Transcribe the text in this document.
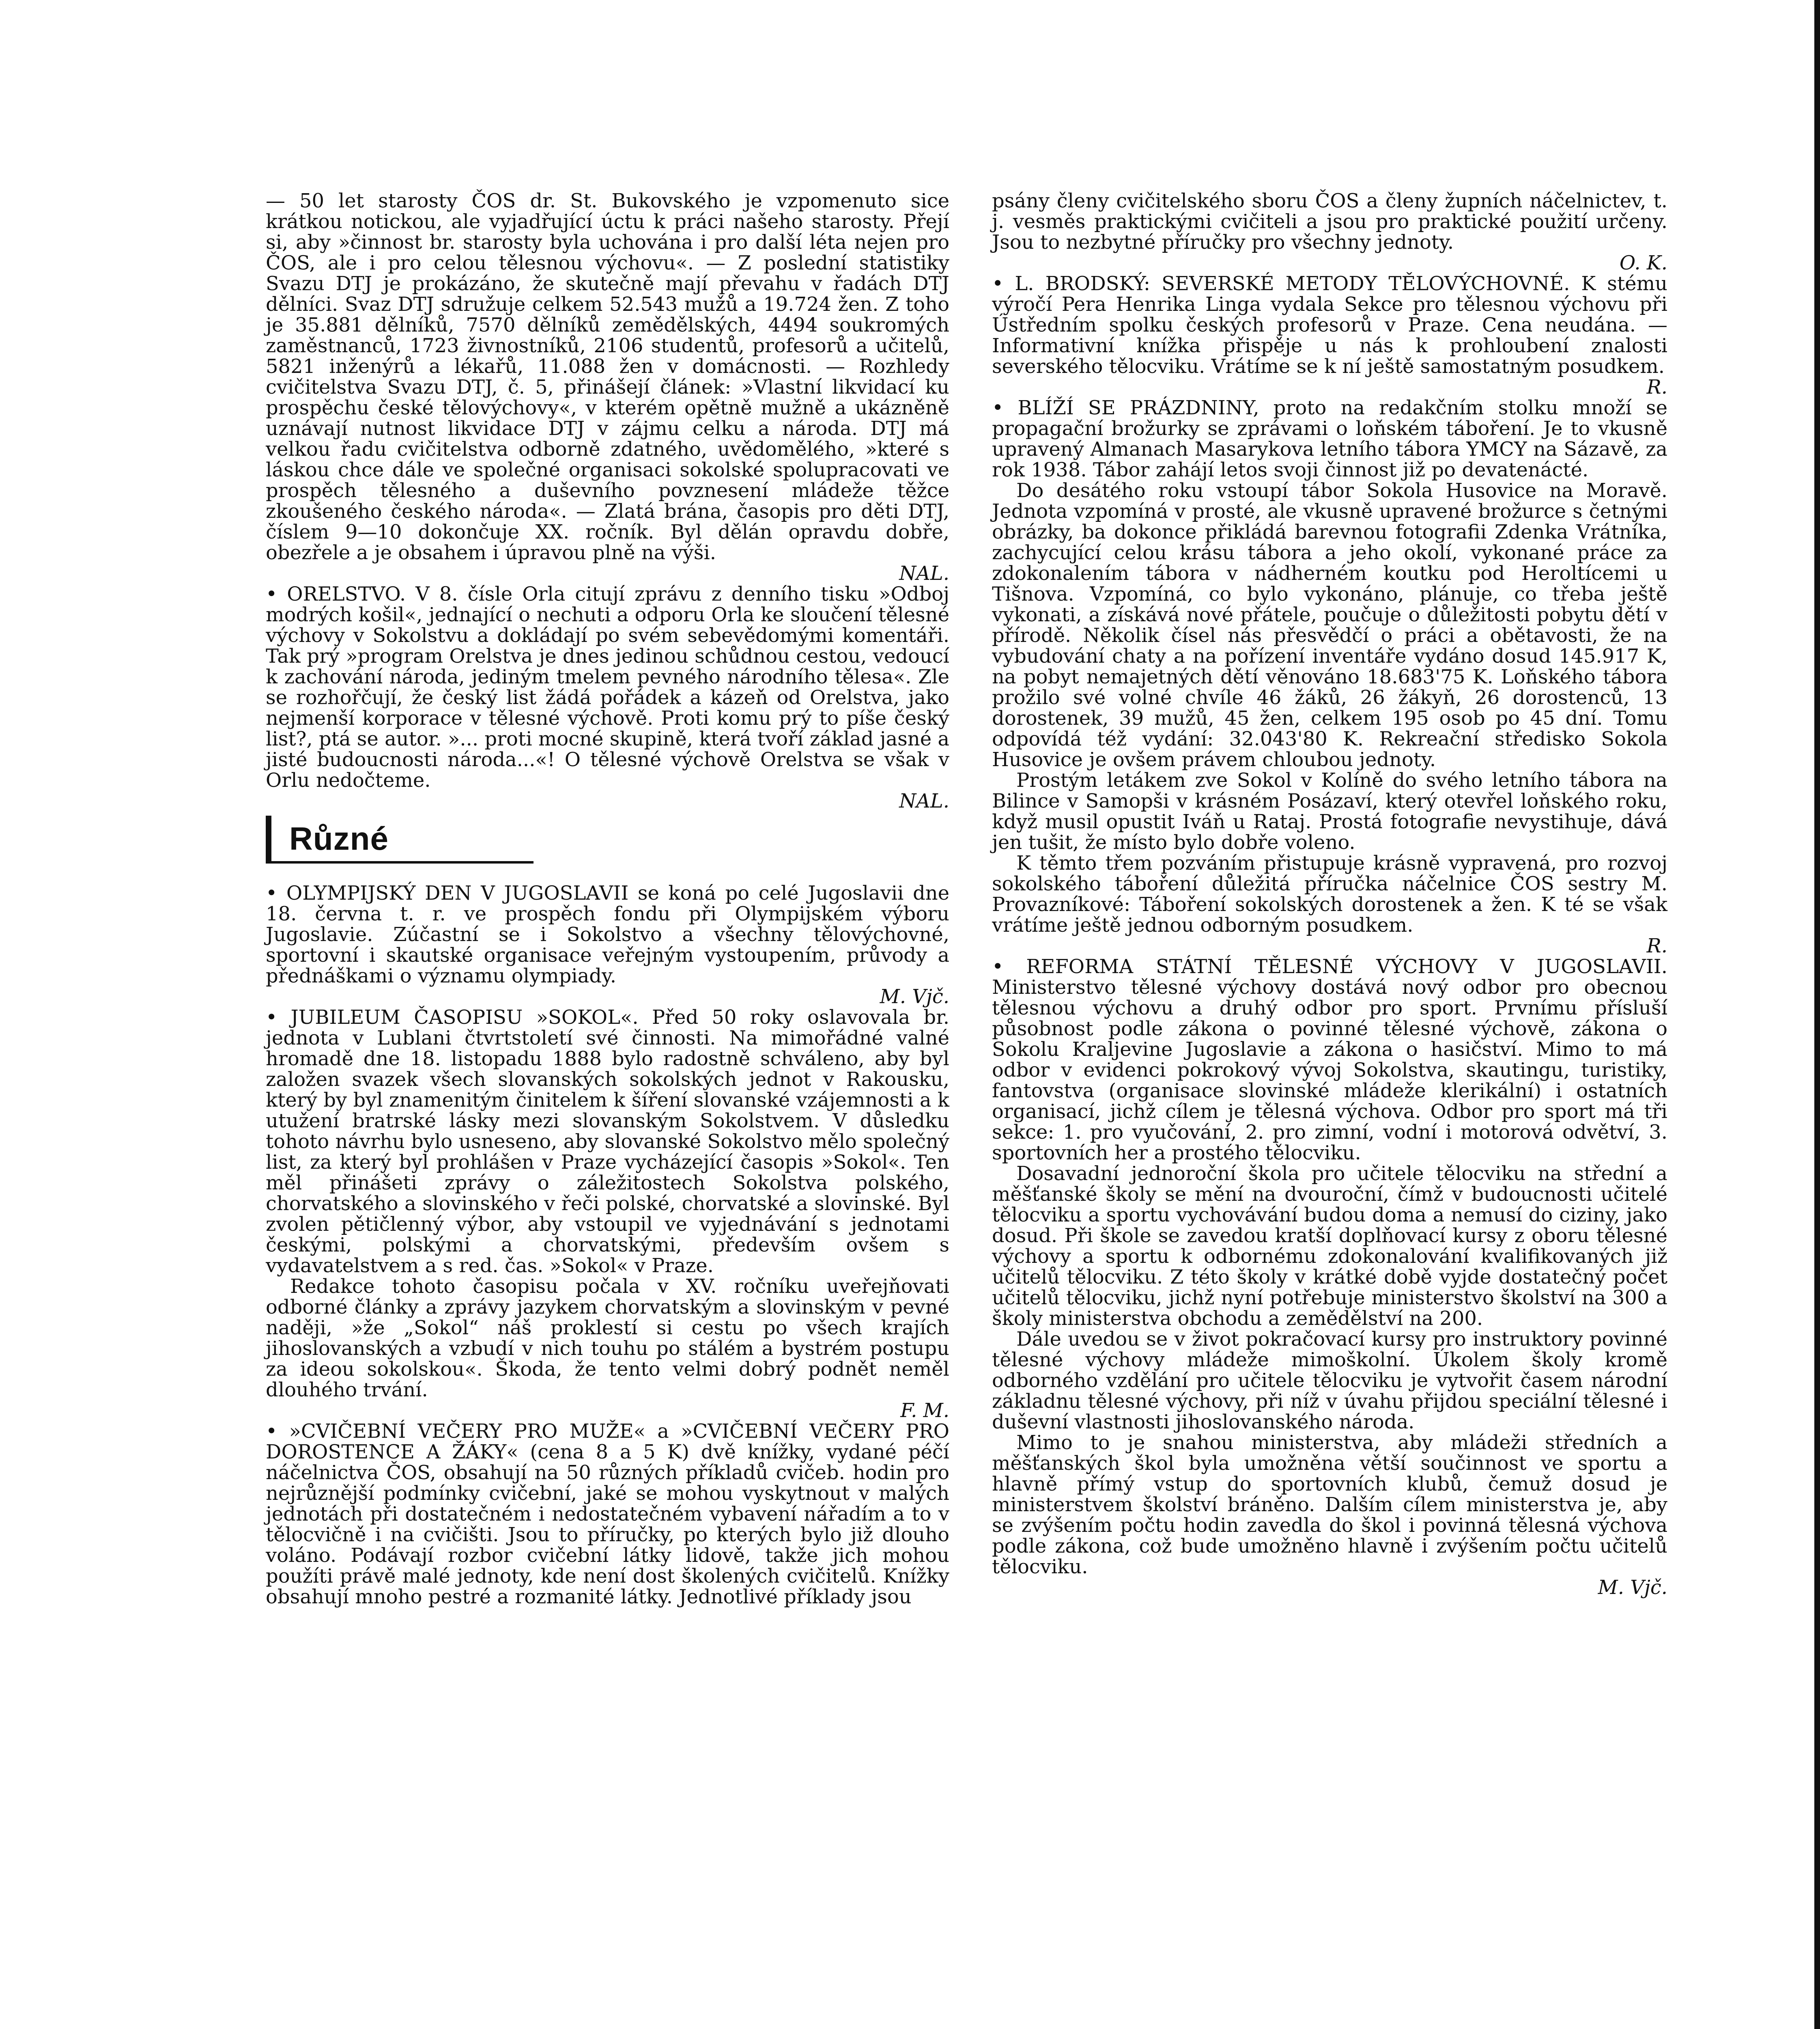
— 50 let starosty ČOS dr. St. Bukovského je vzpomenuto sice krátkou notickou, ale vyjadřující úctu k práci našeho starosty. Přejí si, aby »činnost br. starosty byla uchována i pro další léta nejen pro ČOS, ale i pro celou tělesnou výchovu«. — Z poslední statistiky Svazu DTJ je prokázáno, že skutečně mají převahu v řadách DTJ dělníci. Svaz DTJ sdružuje celkem 52.543 mužů a 19.724 žen. Z toho je 35.881 dělníků, 7570 dělníků zemědělských, 4494 soukromých zaměstnanců, 1723 živnostníků, 2106 studentů, profesorů a učitelů, 5821 inženýrů a lékařů, 11.088 žen v domácnosti. — Rozhledy cvičitelstva Svazu DTJ, č. 5, přinášejí článek: »Vlastní likvidací ku prospěchu české tělovýchovy«, v kterém opětně mužně a ukázněně uznávají nutnost likvidace DTJ v zájmu celku a národa. DTJ má velkou řadu cvičitelstva odborně zdatného, uvědomělého, »které s láskou chce dále ve společné organisaci sokolské spolupracovati ve prospěch tělesného a duševního povznesení mládeže těžce zkoušeného českého národa«. — Zlatá brána, časopis pro děti DTJ, číslem 9—10 dokončuje XX. ročník. Byl dělán opravdu dobře, obezřele a je obsahem i úpravou plně na výši.
NAL.

• ORELSTVO. V 8. čísle Orla citují zprávu z denního tisku »Odboj modrých košil«, jednající o nechuti a odporu Orla ke sloučení tělesné výchovy v Sokolstvu a dokládají po svém sebevědomými komentáři. Tak prý »program Orelstva je dnes jedinou schůdnou cestou, vedoucí k zachování národa, jediným tmelem pevného národního tělesa«. Zle se rozhořčují, že český list žádá pořádek a kázeň od Orelstva, jako nejmenší korporace v tělesné výchově. Proti komu prý to píše český list?, ptá se autor. »... proti mocné skupině, která tvoří základ jasné a jisté budoucnosti národa...«! O tělesné výchově Orelstva se však v Orlu nedočteme.
NAL.

Různé

• OLYMPIJSKÝ DEN V JUGOSLAVII se koná po celé Jugoslavii dne 18. června t. r. ve prospěch fondu při Olympijském výboru Jugoslavie. Zúčastní se i Sokolstvo a všechny tělovýchovné, sportovní i skautské organisace veřejným vystoupením, průvody a přednáškami o významu olympiady.
M. Vjč.

• JUBILEUM ČASOPISU »SOKOL«. Před 50 roky oslavovala br. jednota v Lublani čtvrtstoletí své činnosti. Na mimořádné valné hromadě dne 18. listopadu 1888 bylo radostně schváleno, aby byl založen svazek všech slovanských sokolských jednot v Rakousku, který by byl znamenitým činitelem k šíření slovanské vzájemnosti a k utužení bratrské lásky mezi slovanským Sokolstvem. V důsledku tohoto návrhu bylo usneseno, aby slovanské Sokolstvo mělo společný list, za který byl prohlášen v Praze vycházející časopis »Sokol«. Ten měl přinášeti zprávy o záležitostech Sokolstva polského, chorvatského a slovinského v řeči polské, chorvatské a slovinské. Byl zvolen pětičlenný výbor, aby vstoupil ve vyjednávání s jednotami českými, polskými a chorvatskými, především ovšem s vydavatelstvem a s red. čas. »Sokol« v Praze.

Redakce tohoto časopisu počala v XV. ročníku uveřejňovati odborné články a zprávy jazykem chorvatským a slovinským v pevné naději, »že „Sokol“ náš proklestí si cestu po všech krajích jihoslovanských a vzbudí v nich touhu po stálém a bystrém postupu za ideou sokolskou«. Škoda, že tento velmi dobrý podnět neměl dlouhého trvání.
F. M.

• »CVIČEBNÍ VEČERY PRO MUŽE« a »CVIČEBNÍ VEČERY PRO DOROSTENCE A ŽÁKY« (cena 8 a 5 K) dvě knížky, vydané péčí náčelnictva ČOS, obsahují na 50 různých příkladů cvičeb. hodin pro nejrůznější podmínky cvičební, jaké se mohou vyskytnout v malých jednotách při dostatečném i nedostatečném vybavení nářadím a to v tělocvičně i na cvičišti. Jsou to příručky, po kterých bylo již dlouho voláno. Podávají rozbor cvičební látky lidově, takže jich mohou použíti právě malé jednoty, kde není dost školených cvičitelů. Knížky obsahují mnoho pestré a rozmanité látky. Jednotlivé příklady jsou

psány členy cvičitelského sboru ČOS a členy župních náčelnictev, t. j. vesměs praktickými cvičiteli a jsou pro praktické použití určeny. Jsou to nezbytné příručky pro všechny jednoty.
O. K.

• L. BRODSKÝ: SEVERSKÉ METODY TĚLOVÝCHOVNÉ. K stému výročí Pera Henrika Linga vydala Sekce pro tělesnou výchovu při Ústředním spolku českých profesorů v Praze. Cena neudána. — Informativní knížka přispěje u nás k prohloubení znalosti severského tělocviku. Vrátíme se k ní ještě samostatným posudkem.
R.

• BLÍŽÍ SE PRÁZDNINY, proto na redakčním stolku množí se propagační brožurky se zprávami o loňském táboření. Je to vkusně upravený Almanach Masarykova letního tábora YMCY na Sázavě, za rok 1938. Tábor zahájí letos svoji činnost již po devatenácté.

Do desátého roku vstoupí tábor Sokola Husovice na Moravě. Jednota vzpomíná v prosté, ale vkusně upravené brožurce s četnými obrázky, ba dokonce přikládá barevnou fotografii Zdenka Vrátníka, zachycující celou krásu tábora a jeho okolí, vykonané práce za zdokonalením tábora v nádherném koutku pod Heroltícemi u Tišnova. Vzpomíná, co bylo vykonáno, plánuje, co třeba ještě vykonati, a získává nové přátele, poučuje o důležitosti pobytu dětí v přírodě. Několik čísel nás přesvědčí o práci a obětavosti, že na vybudování chaty a na pořízení inventáře vydáno dosud 145.917 K, na pobyt nemajetných dětí věnováno 18.683'75 K. Loňského tábora prožilo své volné chvíle 46 žáků, 26 žákyň, 26 dorostenců, 13 dorostenek, 39 mužů, 45 žen, celkem 195 osob po 45 dní. Tomu odpovídá též vydání: 32.043'80 K. Rekreační středisko Sokola Husovice je ovšem právem chloubou jednoty.

Prostým letákem zve Sokol v Kolíně do svého letního tábora na Bilince v Samopši v krásném Posázaví, který otevřel loňského roku, když musil opustit Iváň u Rataj. Prostá fotografie nevystihuje, dává jen tušit, že místo bylo dobře voleno.

K těmto třem pozváním přistupuje krásně vypravená, pro rozvoj sokolského táboření důležitá příručka náčelnice ČOS sestry M. Provazníkové: Táboření sokolských dorostenek a žen. K té se však vrátíme ještě jednou odborným posudkem.
R.

• REFORMA STÁTNÍ TĚLESNÉ VÝCHOVY V JUGOSLAVII. Ministerstvo tělesné výchovy dostává nový odbor pro obecnou tělesnou výchovu a druhý odbor pro sport. Prvnímu přísluší působnost podle zákona o povinné tělesné výchově, zákona o Sokolu Kraljevine Jugoslavie a zákona o hasičství. Mimo to má odbor v evidenci pokrokový vývoj Sokolstva, skautingu, turistiky, fantovstva (organisace slovinské mládeže klerikální) i ostatních organisací, jichž cílem je tělesná výchova. Odbor pro sport má tři sekce: 1. pro vyučování, 2. pro zimní, vodní i motorová odvětví, 3. sportovních her a prostého tělocviku.

Dosavadní jednoroční škola pro učitele tělocviku na střední a měšťanské školy se mění na dvouroční, čímž v budoucnosti učitelé tělocviku a sportu vychovávání budou doma a nemusí do ciziny, jako dosud. Při škole se zavedou kratší doplňovací kursy z oboru tělesné výchovy a sportu k odbornému zdokonalování kvalifikovaných již učitelů tělocviku. Z této školy v krátké době vyjde dostatečný počet učitelů tělocviku, jichž nyní potřebuje ministerstvo školství na 300 a školy ministerstva obchodu a zemědělství na 200.

Dále uvedou se v život pokračovací kursy pro instruktory povinné tělesné výchovy mládeže mimoškolní. Úkolem školy kromě odborného vzdělání pro učitele tělocviku je vytvořit časem národní základnu tělesné výchovy, při níž v úvahu přijdou speciální tělesné i duševní vlastnosti jihoslovanského národa.

Mimo to je snahou ministerstva, aby mládeži středních a měšťanských škol byla umožněna větší součinnost ve sportu a hlavně přímý vstup do sportovních klubů, čemuž dosud je ministerstvem školství bráněno. Dalším cílem ministerstva je, aby se zvýšením počtu hodin zavedla do škol i povinná tělesná výchova podle zákona, což bude umožněno hlavně i zvýšením počtu učitelů tělocviku.
M. Vjč.
